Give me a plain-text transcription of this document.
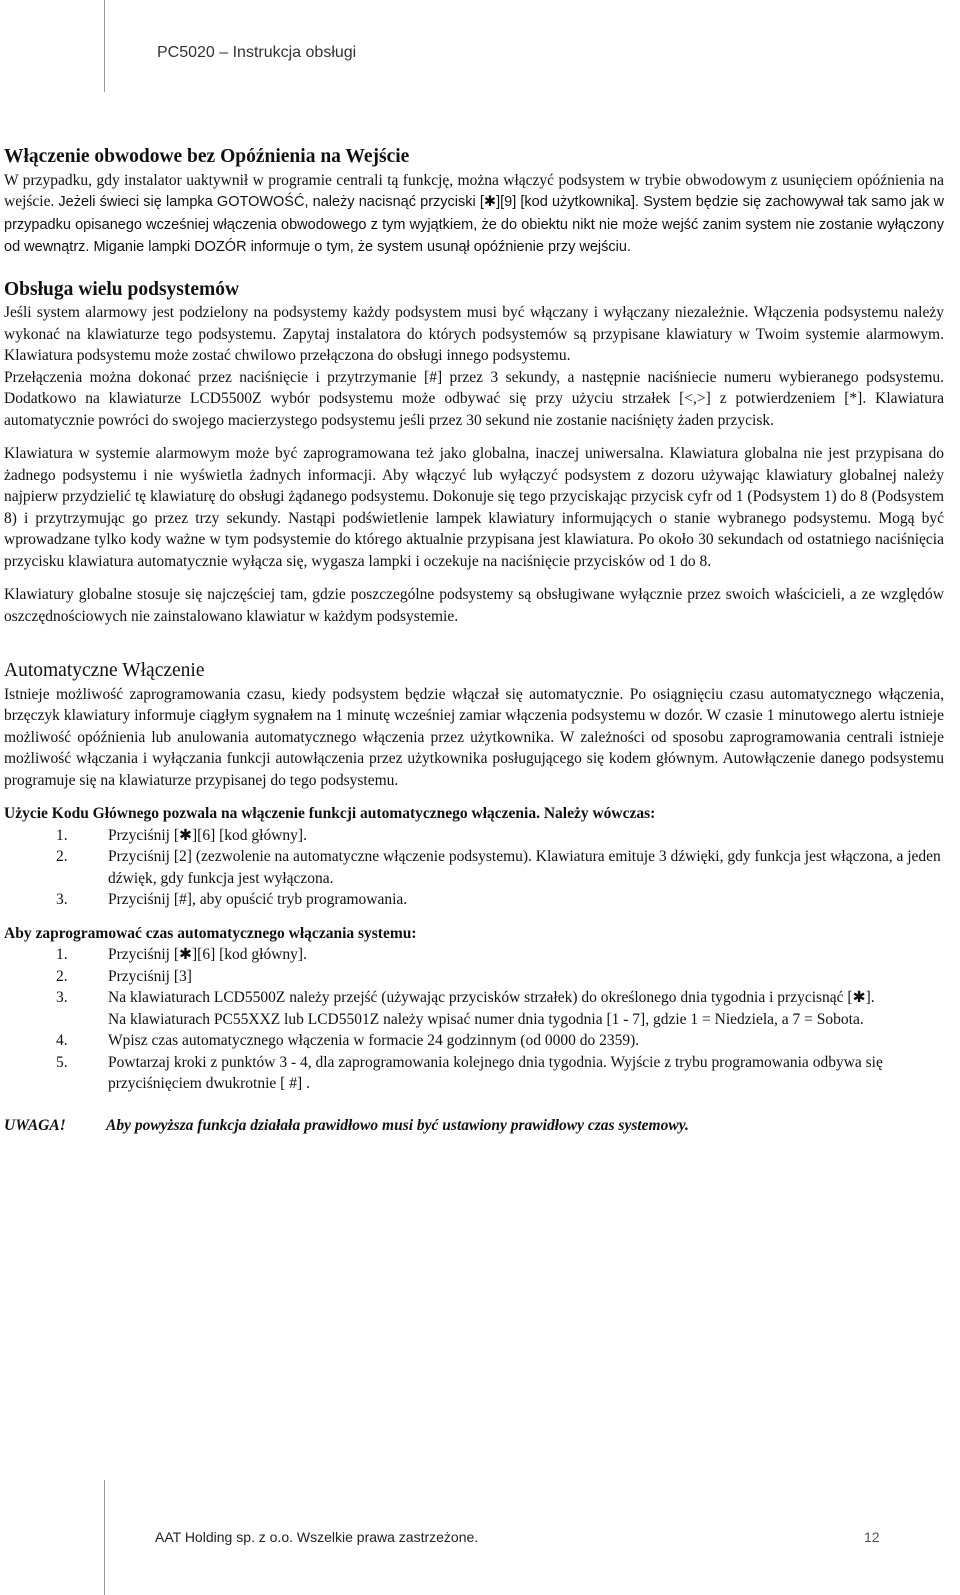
PC5020 – Instrukcja obsługi
Włączenie obwodowe bez Opóźnienia na Wejście

W przypadku, gdy instalator uaktywnił w programie centrali tą funkcję, można włączyć podsystem w trybie obwodowym z usunięciem opóźnienia na wejście. Jeżeli świeci się lampka GOTOWOŚĆ, należy nacisnąć przyciski [✱][9] [kod użytkownika]. System będzie się zachowywał tak samo jak w przypadku opisanego wcześniej włączenia obwodowego z tym wyjątkiem, że do obiektu nikt nie może wejść zanim system nie zostanie wyłączony od wewnątrz. Miganie lampki DOZÓR informuje o tym, że system usunął opóźnienie przy wejściu.

Obsługa wielu podsystemów

Jeśli system alarmowy jest podzielony na podsystemy każdy podsystem musi być włączany i wyłączany niezależnie. Włączenia podsystemu należy wykonać na klawiaturze tego podsystemu. Zapytaj instalatora do których podsystemów są przypisane klawiatury w Twoim systemie alarmowym. Klawiatura podsystemu może zostać chwilowo przełączona do obsługi innego podsystemu.

Przełączenia można dokonać przez naciśnięcie i przytrzymanie [#] przez 3 sekundy, a następnie naciśniecie numeru wybieranego podsystemu. Dodatkowo na klawiaturze LCD5500Z wybór podsystemu może odbywać się przy użyciu strzałek [<,>] z potwierdzeniem [*]. Klawiatura automatycznie powróci do swojego macierzystego podsystemu jeśli przez 30 sekund nie zostanie naciśnięty żaden przycisk.

Klawiatura w systemie alarmowym może być zaprogramowana też jako globalna, inaczej uniwersalna. Klawiatura globalna nie jest przypisana do żadnego podsystemu i nie wyświetla żadnych informacji. Aby włączyć lub wyłączyć podsystem z dozoru używając klawiatury globalnej należy najpierw przydzielić tę klawiaturę do obsługi żądanego podsystemu. Dokonuje się tego przyciskając przycisk cyfr od 1 (Podsystem 1) do 8 (Podsystem 8) i przytrzymując go przez trzy sekundy. Nastąpi podświetlenie lampek klawiatury informujących o stanie wybranego podsystemu. Mogą być wprowadzane tylko kody ważne w tym podsystemie do którego aktualnie przypisana jest klawiatura. Po około 30 sekundach od ostatniego naciśnięcia przycisku klawiatura automatycznie wyłącza się, wygasza lampki i oczekuje na naciśnięcie przycisków od 1 do 8.

Klawiatury globalne stosuje się najczęściej tam, gdzie poszczególne podsystemy są obsługiwane wyłącznie przez swoich właścicieli, a ze względów oszczędnościowych nie zainstalowano klawiatur w każdym podsystemie.

Automatyczne Włączenie

Istnieje możliwość zaprogramowania czasu, kiedy podsystem będzie włączał się automatycznie. Po osiągnięciu czasu automatycznego włączenia, brzęczyk klawiatury informuje ciągłym sygnałem na 1 minutę wcześniej zamiar włączenia podsystemu w dozór. W czasie 1 minutowego alertu istnieje możliwość opóźnienia lub anulowania automatycznego włączenia przez użytkownika. W zależności od sposobu zaprogramowania centrali istnieje możliwość włączania i wyłączania funkcji autowłączenia przez użytkownika posługującego się kodem głównym. Autowłączenie danego podsystemu programuje się na klawiaturze przypisanej do tego podsystemu.

Użycie Kodu Głównego pozwala na włączenie funkcji automatycznego włączenia. Należy wówczas:

1.	Przyciśnij [✱][6] [kod główny].
2.	Przyciśnij [2] (zezwolenie na automatyczne włączenie podsystemu). Klawiatura emituje 3 dźwięki, gdy funkcja jest włączona, a jeden dźwięk, gdy funkcja jest wyłączona.
3.	Przyciśnij [#], aby opuścić tryb programowania.

Aby zaprogramować czas automatycznego włączania systemu:

1.	Przyciśnij [✱][6] [kod główny].
2.	Przyciśnij [3]
3.	Na klawiaturach LCD5500Z należy przejść (używając przycisków strzałek) do określonego dnia tygodnia i przycisnąć [✱].
Na klawiaturach PC55XXZ lub LCD5501Z należy wpisać numer dnia tygodnia [1 - 7], gdzie 1 = Niedziela, a 7 = Sobota.
4.	Wpisz czas automatycznego włączenia w formacie 24 godzinnym (od 0000 do 2359).
5.	Powtarzaj kroki z punktów 3 - 4, dla zaprogramowania kolejnego dnia tygodnia. Wyjście z trybu programowania odbywa się przyciśnięciem dwukrotnie [ #] .
UWAGA!	Aby powyższa funkcja działała prawidłowo musi być ustawiony prawidłowy czas systemowy.
AAT Holding sp. z o.o. Wszelkie prawa zastrzeżone.	12
